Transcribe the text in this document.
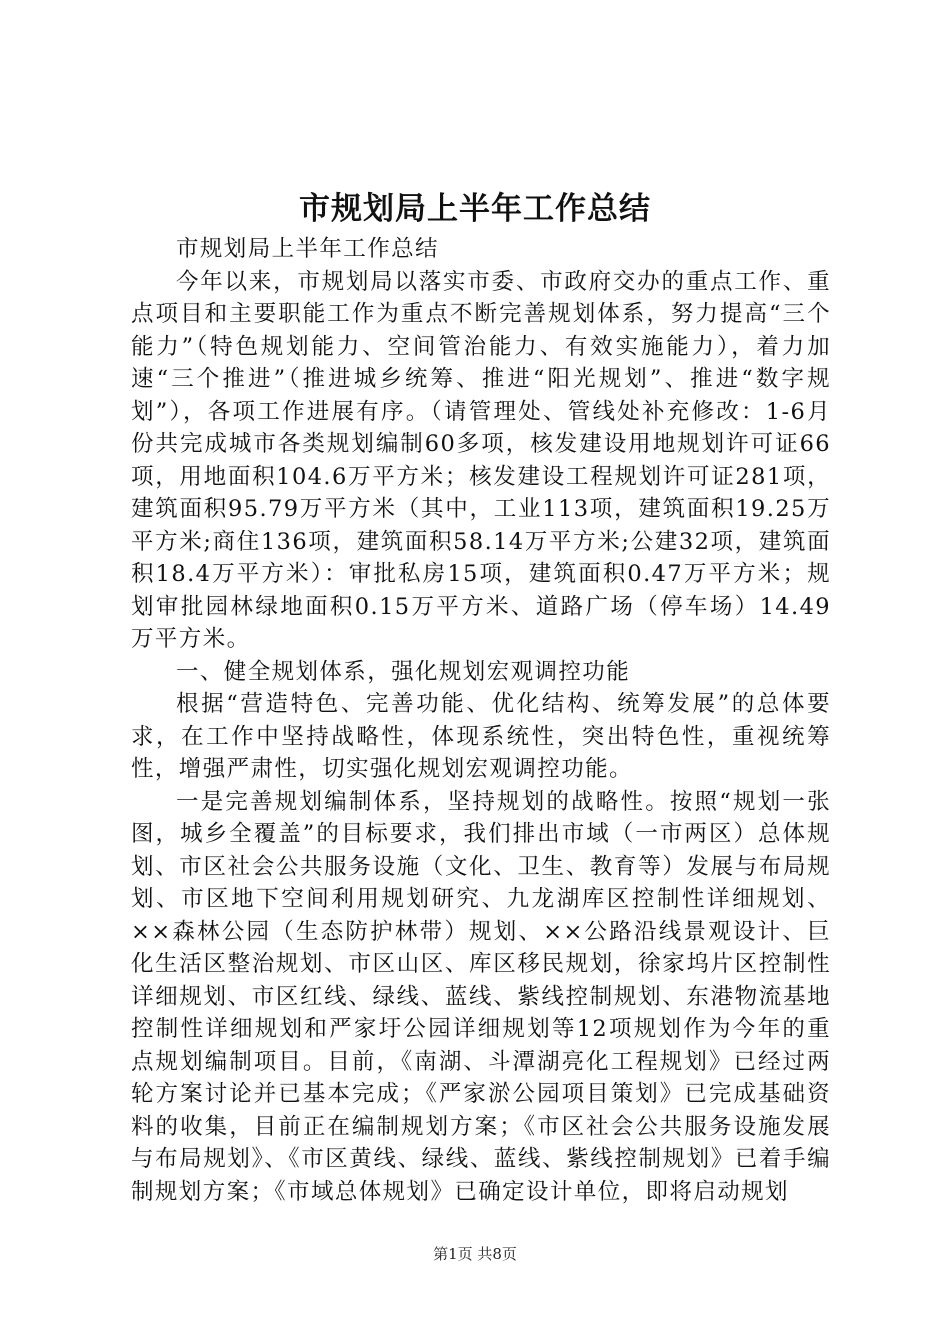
市规划局上半年工作总结

市规划局上半年工作总结

今年以来，市规划局以落实市委、市政府交办的重点工作、重点项目和主要职能工作为重点不断完善规划体系，努力提高“三个能力”（特色规划能力、空间管治能力、有效实施能力），着力加速“三个推进”（推进城乡统筹、推进“阳光规划”、推进“数字规划”），各项工作进展有序。（请管理处、管线处补充修改：1-6月份共完成城市各类规划编制60多项，核发建设用地规划许可证66项，用地面积104.6万平方米；核发建设工程规划许可证281项，建筑面积95.79万平方米（其中，工业113项，建筑面积19.25万平方米;商住136项，建筑面积58.14万平方米;公建32项，建筑面积18.4万平方米）：审批私房15项，建筑面积0.47万平方米；规划审批园林绿地面积0.15万平方米、道路广场（停车场）14.49万平方米。

一、健全规划体系，强化规划宏观调控功能

根据“营造特色、完善功能、优化结构、统筹发展”的总体要求，在工作中坚持战略性，体现系统性，突出特色性，重视统筹性，增强严肃性，切实强化规划宏观调控功能。

一是完善规划编制体系，坚持规划的战略性。按照“规划一张图，城乡全覆盖”的目标要求，我们排出市域（一市两区）总体规划、市区社会公共服务设施（文化、卫生、教育等）发展与布局规划、市区地下空间利用规划研究、九龙湖库区控制性详细规划、××森林公园（生态防护林带）规划、××公路沿线景观设计、巨化生活区整治规划、市区山区、库区移民规划，徐家坞片区控制性详细规划、市区红线、绿线、蓝线、紫线控制规划、东港物流基地控制性详细规划和严家圩公园详细规划等12项规划作为今年的重点规划编制项目。目前，《南湖、斗潭湖亮化工程规划》已经过两轮方案讨论并已基本完成；《严家淤公园项目策划》已完成基础资料的收集，目前正在编制规划方案；《市区社会公共服务设施发展与布局规划》、《市区黄线、绿线、蓝线、紫线控制规划》已着手编制规划方案；《市域总体规划》已确定设计单位，即将启动规划

第1页 共8页
